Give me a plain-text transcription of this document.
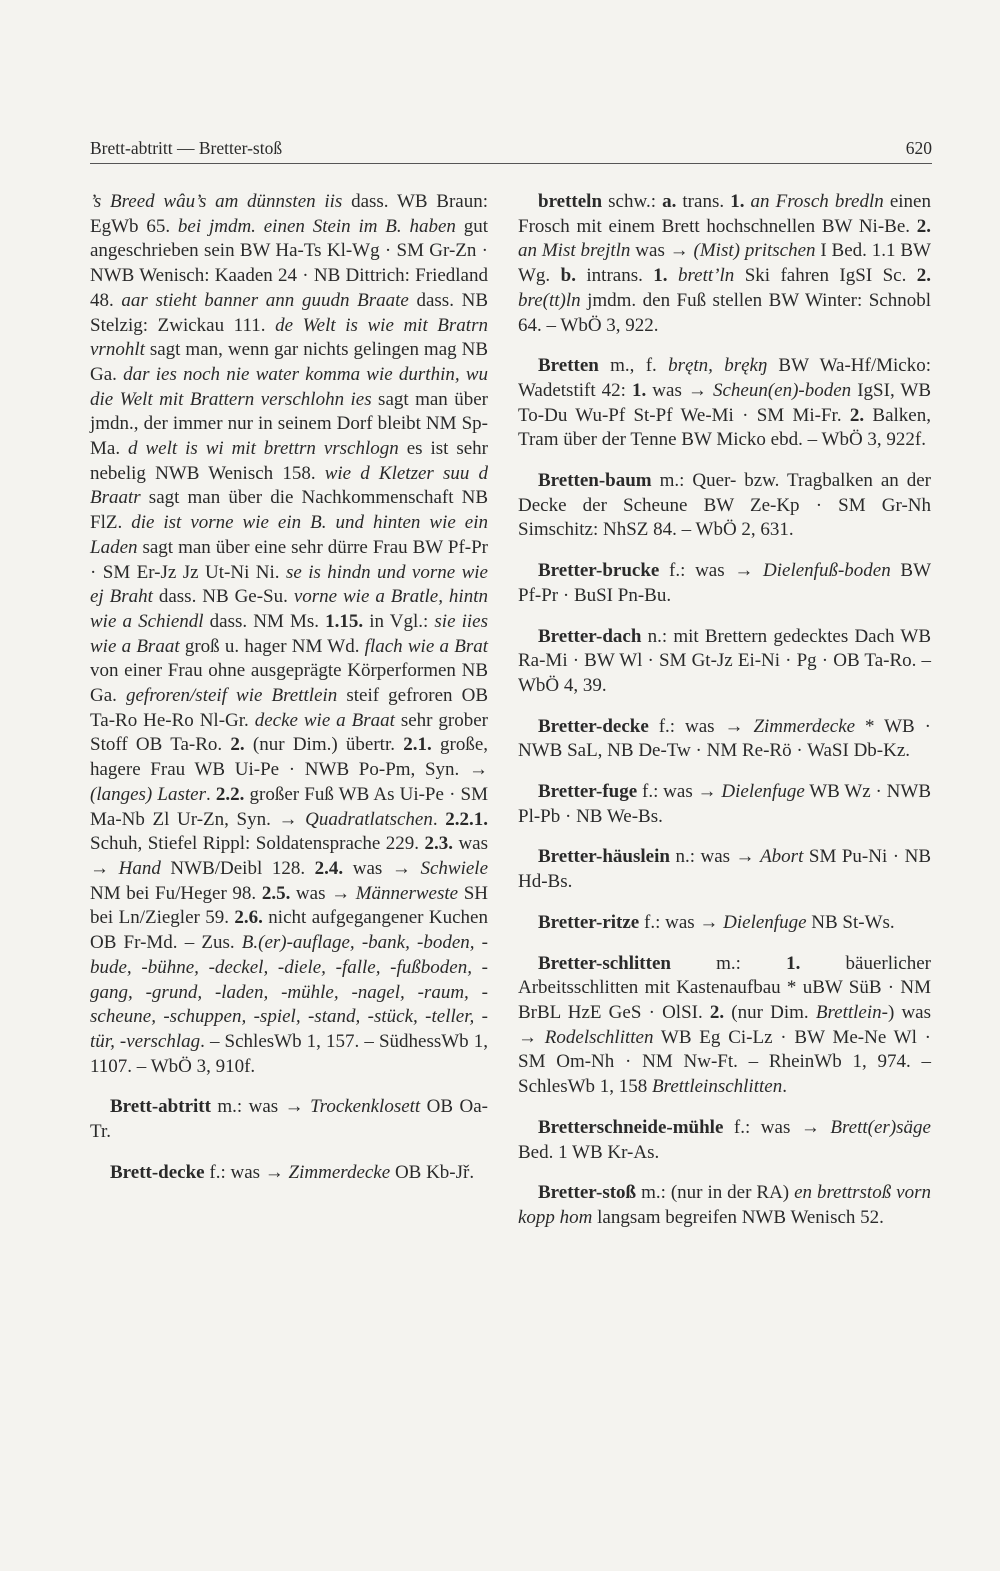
Brett-abtritt — Bretter-stoß	620

’s Breed wâu’s am dünnsten iis dass. WB Braun: EgWb 65. bei jmdm. einen Stein im B. haben gut angeschrieben sein BW Ha-Ts Kl-Wg · SM Gr-Zn · NWB Wenisch: Kaaden 24 · NB Dittrich: Friedland 48. aar stieht banner ann guudn Braate dass. NB Stelzig: Zwickau 111. de Welt is wie mit Bratrn vrnohlt sagt man, wenn gar nichts gelingen mag NB Ga. dar ies noch nie water komma wie durthin, wu die Welt mit Brattern verschlohn ies sagt man über jmdn., der immer nur in seinem Dorf bleibt NM Sp-Ma. d welt is wi mit brettrn vrschlogn es ist sehr nebelig NWB Wenisch 158. wie d Kletzer suu d Braatr sagt man über die Nachkommenschaft NB FlZ. die ist vorne wie ein B. und hinten wie ein Laden sagt man über eine sehr dürre Frau BW Pf-Pr · SM Er-Jz Jz Ut-Ni Ni. se is hindn und vorne wie ej Braht dass. NB Ge-Su. vorne wie a Bratle, hintn wie a Schiendl dass. NM Ms. 1.15. in Vgl.: sie iies wie a Braat groß u. hager NM Wd. flach wie a Brat von einer Frau ohne ausgeprägte Körperformen NB Ga. gefroren/steif wie Brettlein steif gefroren OB Ta-Ro He-Ro Nl-Gr. decke wie a Braat sehr grober Stoff OB Ta-Ro. 2. (nur Dim.) übertr. 2.1. große, hagere Frau WB Ui-Pe · NWB Po-Pm, Syn. → (langes) Laster. 2.2. großer Fuß WB As Ui-Pe · SM Ma-Nb Zl Ur-Zn, Syn. → Quadratlatschen. 2.2.1. Schuh, Stiefel Rippl: Soldatensprache 229. 2.3. was → Hand NWB/Deibl 128. 2.4. was → Schwiele NM bei Fu/Heger 98. 2.5. was → Männerweste SH bei Ln/Ziegler 59. 2.6. nicht aufgegangener Kuchen OB Fr-Md. – Zus. B.(er)-auflage, -bank, -boden, -bude, -bühne, -deckel, -diele, -falle, -fußboden, -gang, -grund, -laden, -mühle, -nagel, -raum, -scheune, -schuppen, -spiel, -stand, -stück, -teller, -tür, -verschlag. – SchlesWb 1, 157. – SüdhessWb 1, 1107. – WbÖ 3, 910f.

Brett-abtritt m.: was → Trockenklosett OB Oa-Tr.

Brett-decke f.: was → Zimmerdecke OB Kb-Jř.

bretteln schw.: a. trans. 1. an Frosch bredln einen Frosch mit einem Brett hochschnellen BW Ni-Be. 2. an Mist brejtln was → (Mist) pritschen I Bed. 1.1 BW Wg. b. intrans. 1. brett’ln Ski fahren IgSI Sc. 2. bre(tt)ln jmdm. den Fuß stellen BW Winter: Schnobl 64. – WbÖ 3, 922.

Bretten m., f. brętn, brękŋ BW Wa-Hf/Micko: Wadetstift 42: 1. was → Scheun(en)-boden IgSI, WB To-Du Wu-Pf St-Pf We-Mi · SM Mi-Fr. 2. Balken, Tram über der Tenne BW Micko ebd. – WbÖ 3, 922f.

Bretten-baum m.: Quer- bzw. Tragbalken an der Decke der Scheune BW Ze-Kp · SM Gr-Nh Simschitz: NhSZ 84. – WbÖ 2, 631.

Bretter-brucke f.: was → Dielenfuß-boden BW Pf-Pr · BuSI Pn-Bu.

Bretter-dach n.: mit Brettern gedecktes Dach WB Ra-Mi · BW Wl · SM Gt-Jz Ei-Ni · Pg · OB Ta-Ro. – WbÖ 4, 39.

Bretter-decke f.: was → Zimmerdecke * WB · NWB SaL, NB De-Tw · NM Re-Rö · WaSI Db-Kz.

Bretter-fuge f.: was → Dielenfuge WB Wz · NWB Pl-Pb · NB We-Bs.

Bretter-häuslein n.: was → Abort SM Pu-Ni · NB Hd-Bs.

Bretter-ritze f.: was → Dielenfuge NB St-Ws.

Bretter-schlitten m.: 1. bäuerlicher Arbeitsschlitten mit Kastenaufbau * uBW SüB · NM BrBL HzE GeS · OlSI. 2. (nur Dim. Brettlein-) was → Rodelschlitten WB Eg Ci-Lz · BW Me-Ne Wl · SM Om-Nh · NM Nw-Ft. – RheinWb 1, 974. – SchlesWb 1, 158 Brettleinschlitten.

Bretterschneide-mühle f.: was → Brett(er)säge Bed. 1 WB Kr-As.

Bretter-stoß m.: (nur in der RA) en brettrstoß vorn kopp hom langsam begreifen NWB Wenisch 52.
